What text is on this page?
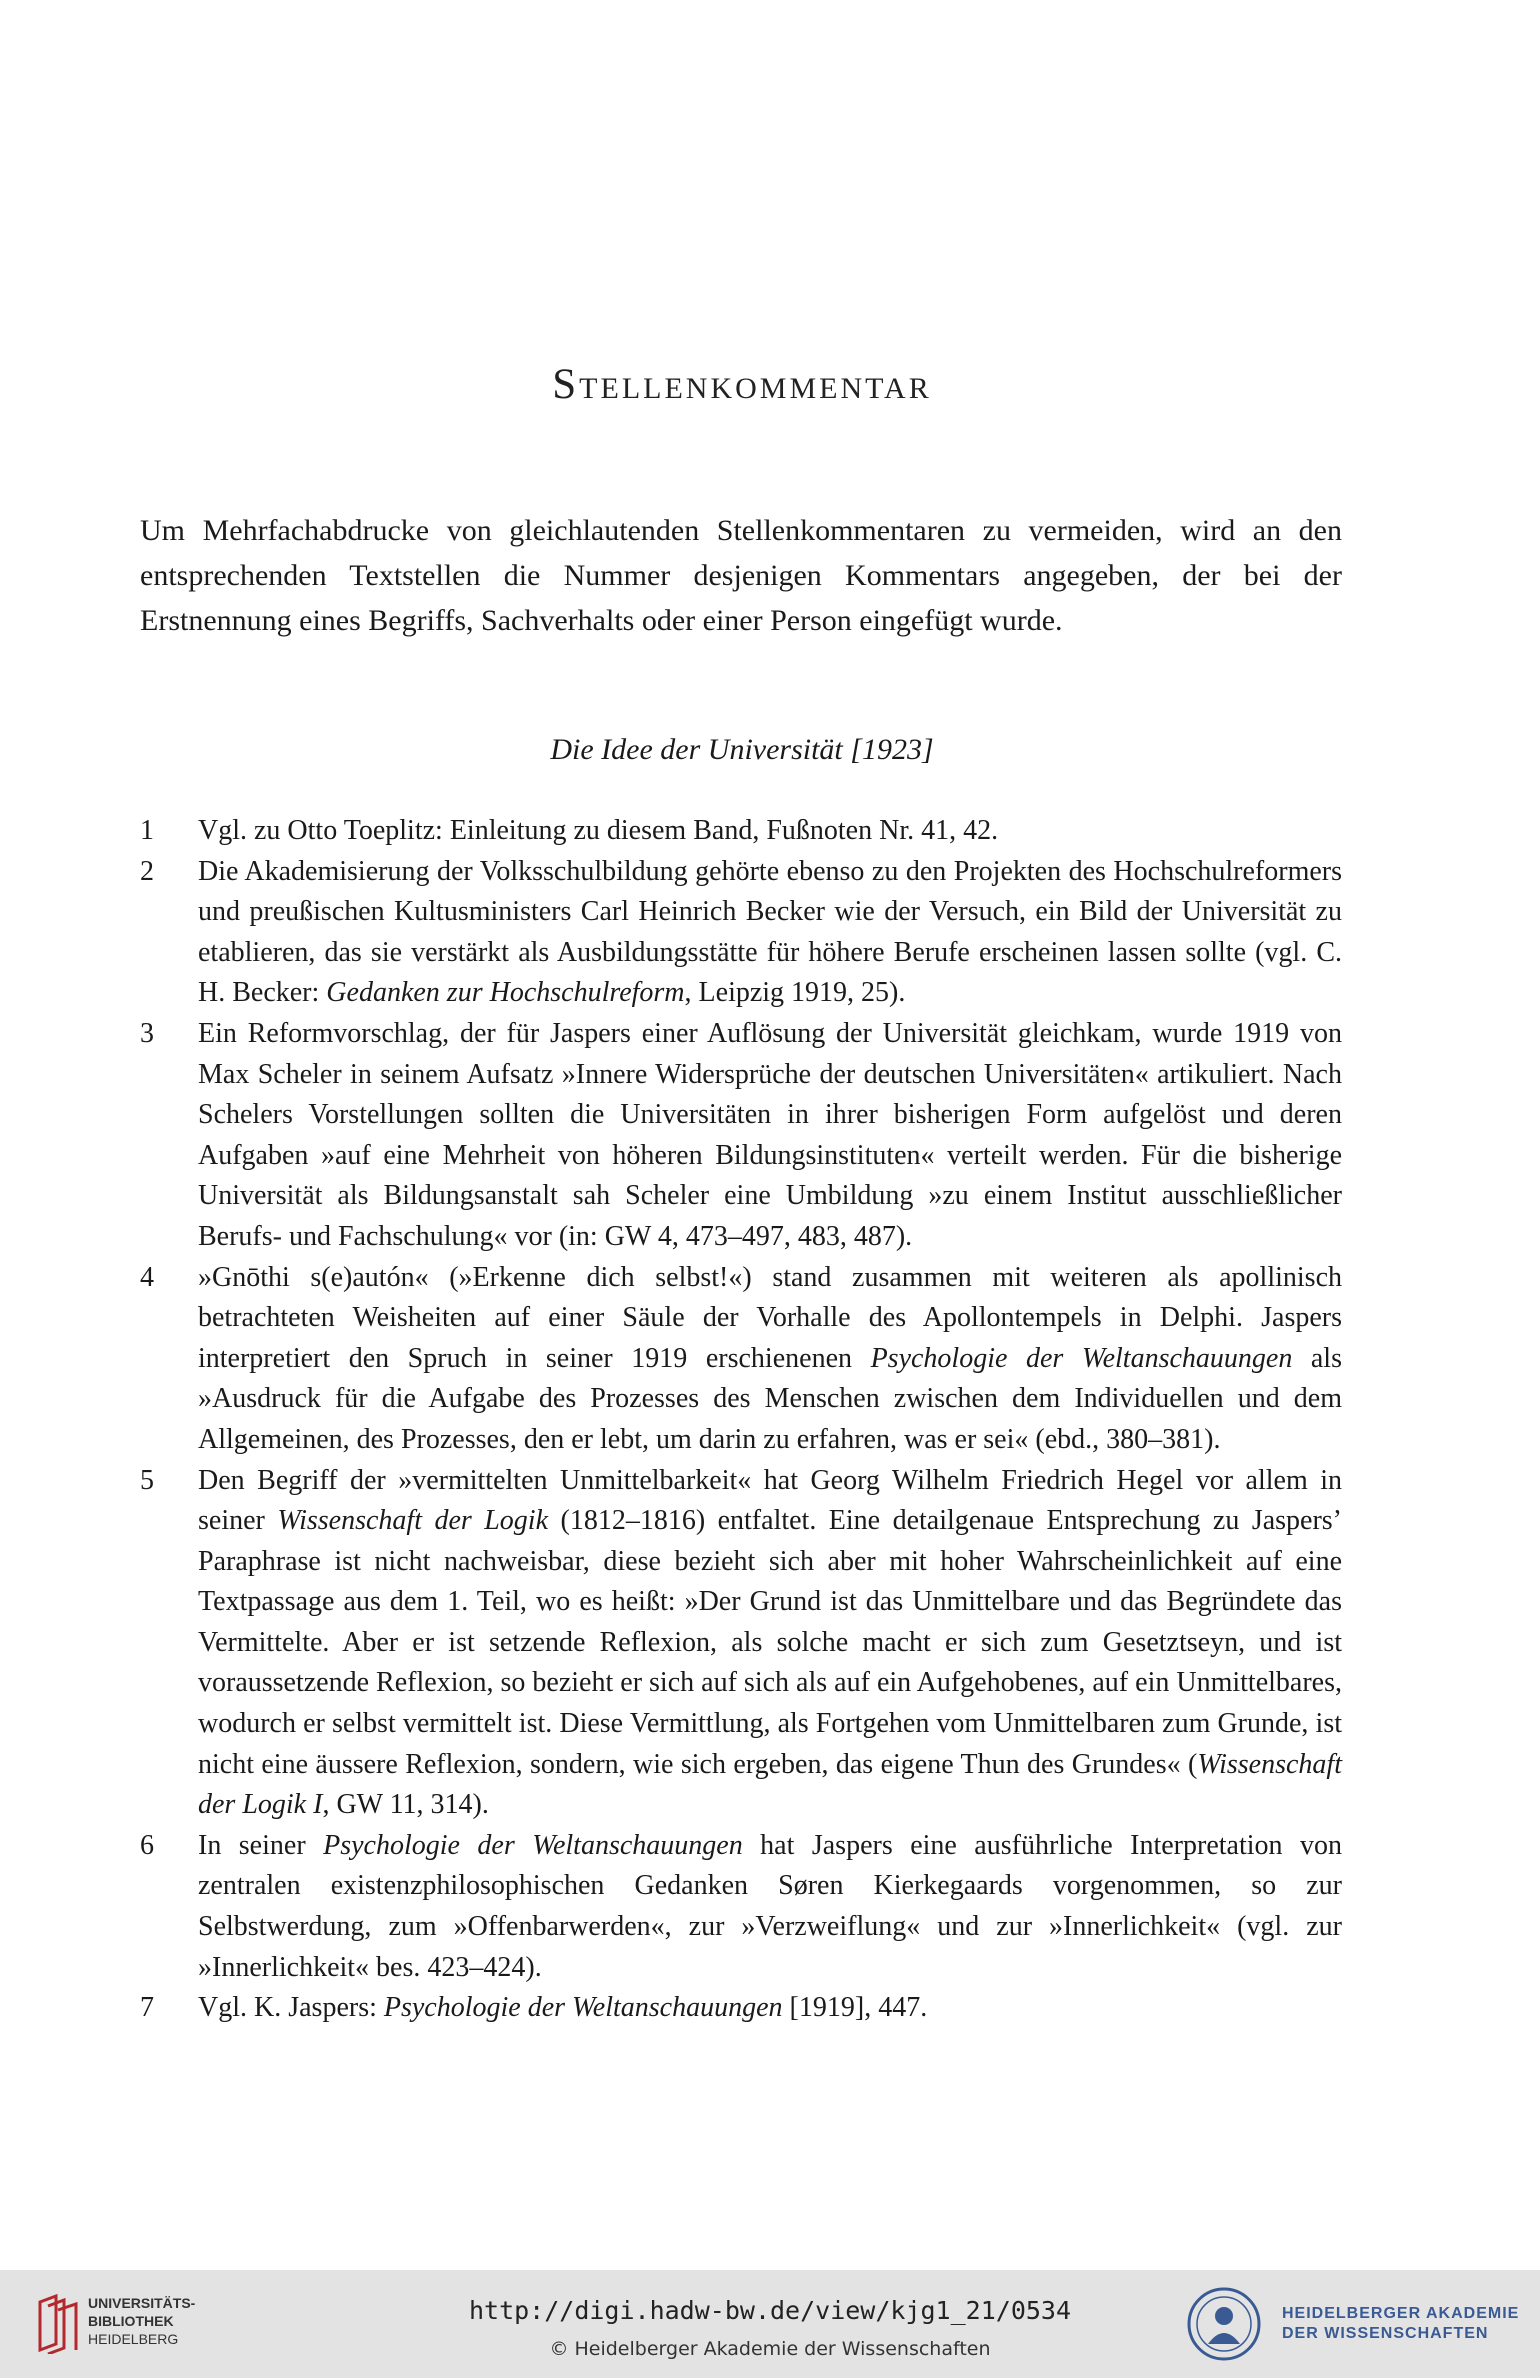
Stellenkommentar
Um Mehrfachabdrucke von gleichlautenden Stellenkommentaren zu vermeiden, wird an den entsprechenden Textstellen die Nummer desjenigen Kommentars angegeben, der bei der Erstnennung eines Begriffs, Sachverhalts oder einer Person eingefügt wurde.
Die Idee der Universität [1923]
1	Vgl. zu Otto Toeplitz: Einleitung zu diesem Band, Fußnoten Nr. 41, 42.
2	Die Akademisierung der Volksschulbildung gehörte ebenso zu den Projekten des Hochschulreformers und preußischen Kultusministers Carl Heinrich Becker wie der Versuch, ein Bild der Universität zu etablieren, das sie verstärkt als Ausbildungsstätte für höhere Berufe erscheinen lassen sollte (vgl. C. H. Becker: Gedanken zur Hochschulreform, Leipzig 1919, 25).
3	Ein Reformvorschlag, der für Jaspers einer Auflösung der Universität gleichkam, wurde 1919 von Max Scheler in seinem Aufsatz »Innere Widersprüche der deutschen Universitäten« artikuliert. Nach Schelers Vorstellungen sollten die Universitäten in ihrer bisherigen Form aufgelöst und deren Aufgaben »auf eine Mehrheit von höheren Bildungsinstituten« verteilt werden. Für die bisherige Universität als Bildungsanstalt sah Scheler eine Umbildung »zu einem Institut ausschließlicher Berufs- und Fachschulung« vor (in: GW 4, 473–497, 483, 487).
4	»Gnōthi s(e)autón« (»Erkenne dich selbst!«) stand zusammen mit weiteren als apollinisch betrachteten Weisheiten auf einer Säule der Vorhalle des Apollontempels in Delphi. Jaspers interpretiert den Spruch in seiner 1919 erschienenen Psychologie der Weltanschauungen als »Ausdruck für die Aufgabe des Prozesses des Menschen zwischen dem Individuellen und dem Allgemeinen, des Prozesses, den er lebt, um darin zu erfahren, was er sei« (ebd., 380–381).
5	Den Begriff der »vermittelten Unmittelbarkeit« hat Georg Wilhelm Friedrich Hegel vor allem in seiner Wissenschaft der Logik (1812–1816) entfaltet. Eine detailgenaue Entsprechung zu Jaspers’ Paraphrase ist nicht nachweisbar, diese bezieht sich aber mit hoher Wahrscheinlichkeit auf eine Textpassage aus dem 1. Teil, wo es heißt: »Der Grund ist das Unmittelbare und das Begründete das Vermittelte. Aber er ist setzende Reflexion, als solche macht er sich zum Gesetztseyn, und ist voraussetzende Reflexion, so bezieht er sich auf sich als auf ein Aufgehobenes, auf ein Unmittelbares, wodurch er selbst vermittelt ist. Diese Vermittlung, als Fortgehen vom Unmittelbaren zum Grunde, ist nicht eine äussere Reflexion, sondern, wie sich ergeben, das eigene Thun des Grundes« (Wissenschaft der Logik I, GW 11, 314).
6	In seiner Psychologie der Weltanschauungen hat Jaspers eine ausführliche Interpretation von zentralen existenzphilosophischen Gedanken Søren Kierkegaards vorgenommen, so zur Selbstwerdung, zum »Offenbarwerden«, zur »Verzweiflung« und zur »Innerlichkeit« (vgl. zur »Innerlichkeit« bes. 423–424).
7	Vgl. K. Jaspers: Psychologie der Weltanschauungen [1919], 447.
UNIVERSITÄTS-
BIBLIOTHEK
HEIDELBERG
http://digi.hadw-bw.de/view/kjg1_21/0534
© Heidelberger Akademie der Wissenschaften
HEIDELBERGER AKADEMIE
DER WISSENSCHAFTEN
